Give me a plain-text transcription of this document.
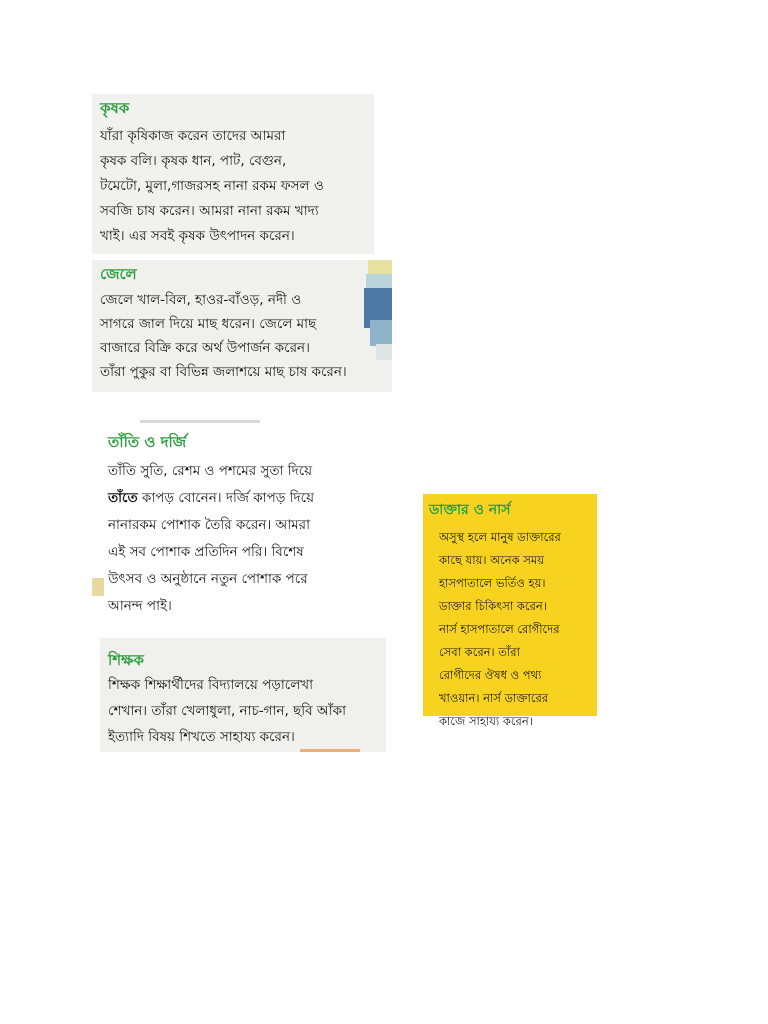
কৃষক
যাঁরা কৃষিকাজ করেন তাদের আমরা
কৃষক বলি। কৃষক ধান, পাট, বেগুন,
টমেটো, মুলা,গাজরসহ নানা রকম ফসল ও
সবজি চাষ করেন। আমরা নানা রকম খাদ্য
খাই। এর সবই কৃষক উৎপাদন করেন।
জেলে
জেলে খাল-বিল, হাওর-বাঁওড়, নদী ও
সাগরে জাল দিয়ে মাছ ধরেন। জেলে মাছ
বাজারে বিক্রি করে অর্থ উপার্জন করেন।
তাঁরা পুকুর বা বিভিন্ন জলাশয়ে মাছ চাষ করেন।
তাঁতি ও দর্জি
তাঁতি সুতি, রেশম ও পশমের সুতা দিয়ে
তাঁতে কাপড় বোনেন। দর্জি কাপড় দিয়ে
নানারকম পোশাক তৈরি করেন। আমরা
এই সব পোশাক প্রতিদিন পরি। বিশেষ
উৎসব ও অনুষ্ঠানে নতুন পোশাক পরে
আনন্দ পাই।
শিক্ষক
শিক্ষক শিক্ষার্থীদের বিদ্যালয়ে পড়ালেখা
শেখান। তাঁরা খেলাধুলা, নাচ-গান, ছবি আঁকা
ইত্যাদি বিষয় শিখতে সাহায্য করেন।
ডাক্তার ও নার্স
অসুস্থ হলে মানুষ ডাক্তারের
কাছে যায়। অনেক সময়
হাসপাতালে ভর্তিও হয়।
ডাক্তার চিকিৎসা করেন।
নার্স হাসপাতালে রোগীদের
সেবা করেন। তাঁরা
রোগীদের ঔষধ ও পথ্য
খাওয়ান। নার্স ডাক্তারের
কাজে সাহায্য করেন।
